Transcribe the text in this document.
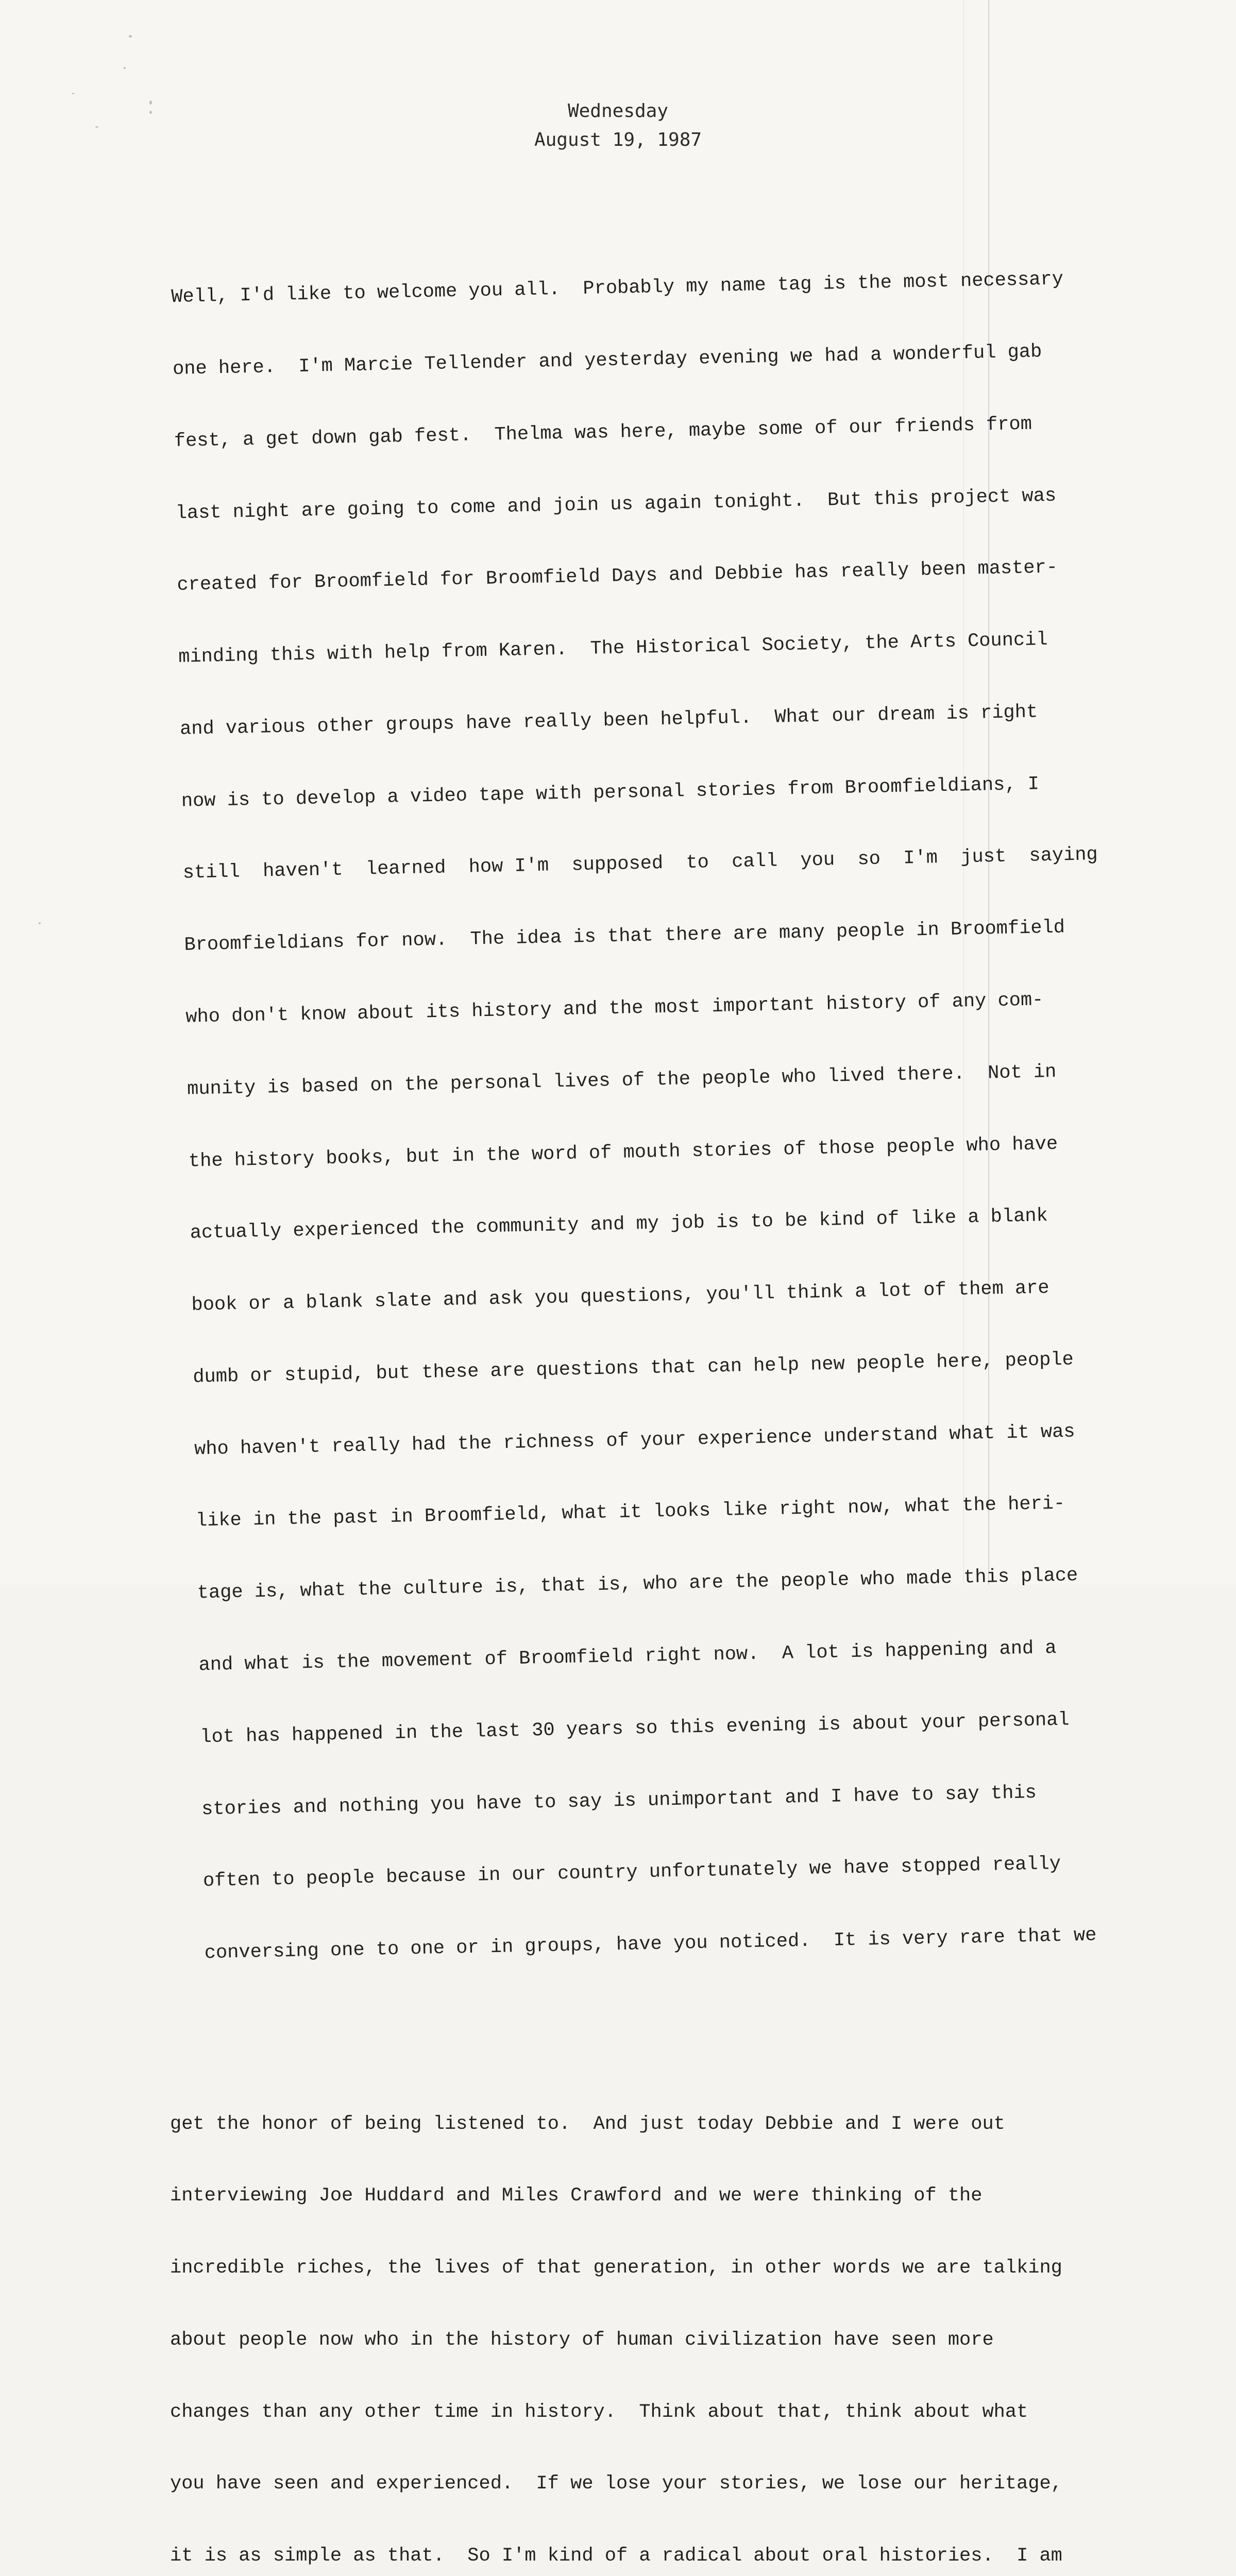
Wednesday
August 19, 1987

Well, I'd like to welcome you all.  Probably my name tag is the most necessary

one here.  I'm Marcie Tellender and yesterday evening we had a wonderful gab

fest, a get down gab fest.  Thelma was here, maybe some of our friends from

last night are going to come and join us again tonight.  But this project was

created for Broomfield for Broomfield Days and Debbie has really been master-

minding this with help from Karen.  The Historical Society, the Arts Council

and various other groups have really been helpful.  What our dream is right

now is to develop a video tape with personal stories from Broomfieldians, I

still  haven't  learned  how I'm  supposed  to  call  you  so  I'm  just  saying

Broomfieldians for now.  The idea is that there are many people in Broomfield

who don't know about its history and the most important history of any com-

munity is based on the personal lives of the people who lived there.  Not in

the history books, but in the word of mouth stories of those people who have

actually experienced the community and my job is to be kind of like a blank

book or a blank slate and ask you questions, you'll think a lot of them are

dumb or stupid, but these are questions that can help new people here, people

who haven't really had the richness of your experience understand what it was

like in the past in Broomfield, what it looks like right now, what the heri-

tage is, what the culture is, that is, who are the people who made this place

and what is the movement of Broomfield right now.  A lot is happening and a

lot has happened in the last 30 years so this evening is about your personal

stories and nothing you have to say is unimportant and I have to say this

often to people because in our country unfortunately we have stopped really

conversing one to one or in groups, have you noticed.  It is very rare that we

get the honor of being listened to.  And just today Debbie and I were out

interviewing Joe Huddard and Miles Crawford and we were thinking of the

incredible riches, the lives of that generation, in other words we are talking

about people now who in the history of human civilization have seen more

changes than any other time in history.  Think about that, think about what

you have seen and experienced.  If we lose your stories, we lose our heritage,

it is as simple as that.  So I'm kind of a radical about oral histories.  I am
